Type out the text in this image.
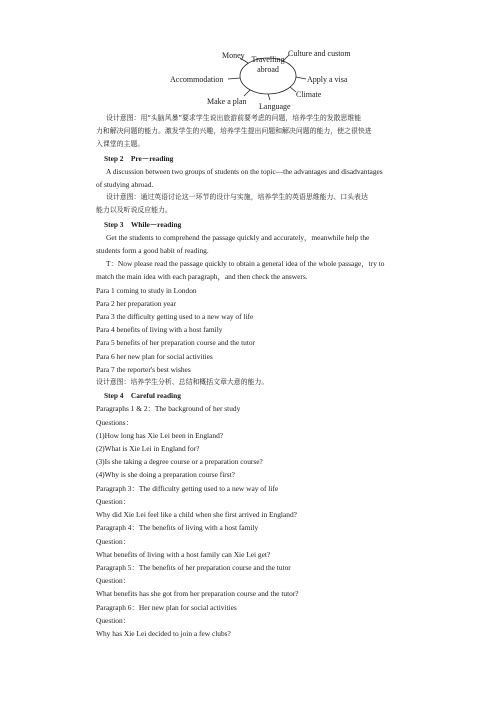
Travelling
abroad
Money	Culture and custom
Accommodation	Apply a visa
Climate
Make a plan
Language

设计意图：用“头脑风暴”要求学生说出旅游前要考虑的问题，培养学生的发散思维能

力和解决问题的能力。激发学生的兴趣，培养学生提出问题和解决问题的能力，使之很快进

入课堂的主题。

Step 2　Pre－reading

A discussion between two groups of students on the topic—the advantages and disadvantages

of studying abroad.

设计意图：通过英语讨论这一环节的设计与实施，培养学生的英语思维能力、口头表达

能力以及听说反应能力。

Step 3　While－reading

Get the students to comprehend the passage quickly and accurately，meanwhile help the

students form a good habit of reading.

T：Now please read the passage quickly to obtain a general idea of the whole passage，try to

match the main idea with each paragraph，and then check the answers.

Para 1 coming to study in London

Para 2 her preparation year

Para 3 the difficulty getting used to a new way of life

Para 4 benefits of living with a host family

Para 5 benefits of her preparation course and the tutor

Para 6 her new plan for social activities

Para 7 the reporter's best wishes

设计意图：培养学生分析、总结和概括文章大意的能力。

Step 4　Careful reading

Paragraphs 1 & 2：The background of her study

Questions：

(1)How long has Xie Lei been in England?

(2)What is Xie Lei in England for?

(3)Is she taking a degree course or a preparation course?

(4)Why is she doing a preparation course first?

Paragraph 3：The difficulty getting used to a new way of life

Question：

Why did Xie Lei feel like a child when she first arrived in England?

Paragraph 4：The benefits of living with a host family

Question：

What benefits of living with a host family can Xie Lei get?

Paragraph 5：The benefits of her preparation course and the tutor

Question：

What benefits has she got from her preparation course and the tutor?

Paragraph 6：Her new plan for social activities

Question：

Why has Xie Lei decided to join a few clubs?
